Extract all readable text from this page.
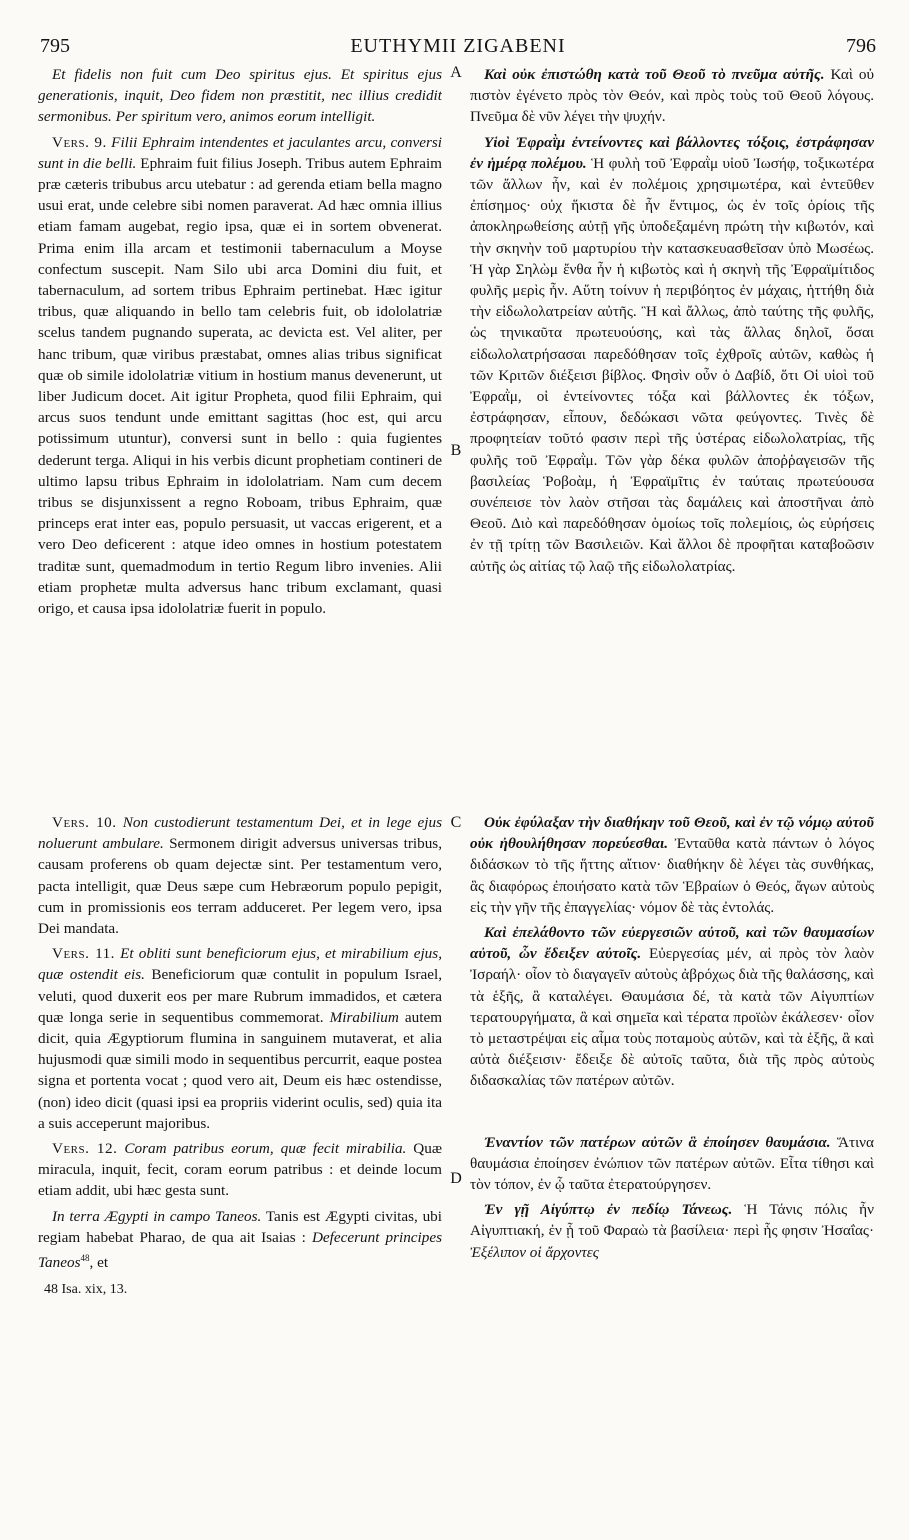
795	EUTHYMII ZIGABENI	796
A
B
C
D

Et fidelis non fuit cum Deo spiritus ejus. Et spiritus ejus generationis, inquit, Deo fidem non præstitit, nec illius credidit sermonibus. Per spiritum vero, animos eorum intelligit.

Vers. 9. Filii Ephraim intendentes et jaculantes arcu, conversi sunt in die belli. Ephraim fuit filius Joseph. Tribus autem Ephraim præ cæteris tribubus arcu utebatur : ad gerenda etiam bella magno usui erat, unde celebre sibi nomen paraverat. Ad hæc omnia illius etiam famam augebat, regio ipsa, quæ ei in sortem obvenerat. Prima enim illa arcam et testimonii tabernaculum a Moyse confectum suscepit. Nam Silo ubi arca Domini diu fuit, et tabernaculum, ad sortem tribus Ephraim pertinebat. Hæc igitur tribus, quæ aliquando in bello tam celebris fuit, ob idololatriæ scelus tandem pugnando superata, ac devicta est. Vel aliter, per hanc tribum, quæ viribus præstabat, omnes alias tribus significat quæ ob simile idololatriæ vitium in hostium manus devenerunt, ut liber Judicum docet. Ait igitur Propheta, quod filii Ephraim, qui arcus suos tendunt unde emittant sagittas (hoc est, qui arcu potissimum utuntur), conversi sunt in bello : quia fugientes dederunt terga. Aliqui in his verbis dicunt prophetiam contineri de ultimo lapsu tribus Ephraim in idololatriam. Nam cum decem tribus se disjunxissent a regno Roboam, tribus Ephraim, quæ princeps erat inter eas, populo persuasit, ut vaccas erigerent, et a vero Deo deficerent : atque ideo omnes in hostium potestatem traditæ sunt, quemadmodum in tertio Regum libro invenies. Alii etiam prophetæ multa adversus hanc tribum exclamant, quasi origo, et causa ipsa idololatriæ fuerit in populo.

Καὶ οὐκ ἐπιστώθη κατὰ τοῦ Θεοῦ τὸ πνεῦμα αὐτῆς. Καὶ οὐ πιστὸν ἐγένετο πρὸς τὸν Θεόν, καὶ πρὸς τοὺς τοῦ Θεοῦ λόγους. Πνεῦμα δὲ νῦν λέγει τὴν ψυχήν.

Υἱοὶ Ἐφραῒμ ἐντείνοντες καὶ βάλλοντες τόξοις, ἐστράφησαν ἐν ἡμέρᾳ πολέμου. Ἡ φυλὴ τοῦ Ἐφραῒμ υἱοῦ Ἰωσήφ, τοξικωτέρα τῶν ἄλλων ἦν, καὶ ἐν πολέμοις χρησιμωτέρα, καὶ ἐντεῦθεν ἐπίσημος· οὐχ ἥκιστα δὲ ἦν ἔντιμος, ὡς ἐν τοῖς ὁρίοις τῆς ἀποκληρωθείσης αὐτῇ γῆς ὑποδεξαμένη πρώτη τὴν κιβωτόν, καὶ τὴν σκηνὴν τοῦ μαρτυρίου τὴν κατασκευασθεῖσαν ὑπὸ Μωσέως. Ἡ γὰρ Σηλὼμ ἔνθα ἦν ἡ κιβωτὸς καὶ ἡ σκηνὴ τῆς Ἐφραϊμίτιδος φυλῆς μερὶς ἦν. Αὕτη τοίνυν ἡ περιβόητος ἐν μάχαις, ἡττήθη διὰ τὴν εἰδωλολατρείαν αὐτῆς. Ἢ καὶ ἄλλως, ἀπὸ ταύτης τῆς φυλῆς, ὡς τηνικαῦτα πρωτευούσης, καὶ τὰς ἄλλας δηλοῖ, ὅσαι εἰδωλολατρήσασαι παρεδόθησαν τοῖς ἐχθροῖς αὐτῶν, καθὼς ἡ τῶν Κριτῶν διέξεισι βίβλος. Φησὶν οὖν ὁ Δαβίδ, ὅτι Οἱ υἱοὶ τοῦ Ἐφραῒμ, οἱ ἐντείνοντες τόξα καὶ βάλλοντες ἐκ τόξων, ἐστράφησαν, εἶπουν, δεδώκασι νῶτα φεύγοντες. Τινὲς δὲ προφητείαν τοῦτό φασιν περὶ τῆς ὑστέρας εἰδωλολατρίας, τῆς φυλῆς τοῦ Ἐφραῒμ. Τῶν γὰρ δέκα φυλῶν ἀποῤῥαγεισῶν τῆς βασιλείας Ῥοβοὰμ, ἡ Ἐφραϊμῖτις ἐν ταύταις πρωτεύουσα συνέπεισε τὸν λαὸν στῆσαι τὰς δαμάλεις καὶ ἀποστῆναι ἀπὸ Θεοῦ. Διὸ καὶ παρεδόθησαν ὁμοίως τοῖς πολεμίοις, ὡς εὑρήσεις ἐν τῇ τρίτῃ τῶν Βασιλειῶν. Καὶ ἄλλοι δὲ προφῆται καταβοῶσιν αὐτῆς ὡς αἰτίας τῷ λαῷ τῆς εἰδωλολατρίας.

Vers. 10. Non custodierunt testamentum Dei, et in lege ejus noluerunt ambulare. Sermonem dirigit adversus universas tribus, causam proferens ob quam dejectæ sint. Per testamentum vero, pacta intelligit, quæ Deus sæpe cum Hebræorum populo pepigit, cum in promissionis eos terram adduceret. Per legem vero, ipsa Dei mandata.

Vers. 11. Et obliti sunt beneficiorum ejus, et mirabilium ejus, quæ ostendit eis. Beneficiorum quæ contulit in populum Israel, veluti, quod duxerit eos per mare Rubrum immadidos, et cætera quæ longa serie in sequentibus commemorat. Mirabilium autem dicit, quia Ægyptiorum flumina in sanguinem mutaverat, et alia hujusmodi quæ simili modo in sequentibus percurrit, eaque postea signa et portenta vocat ; quod vero ait, Deum eis hæc ostendisse, (non) ideo dicit (quasi ipsi ea propriis viderint oculis, sed) quia ita a suis acceperunt majoribus.

Vers. 12. Coram patribus eorum, quæ fecit mirabilia. Quæ miracula, inquit, fecit, coram eorum patribus : et deinde locum etiam addit, ubi hæc gesta sunt.

In terra Ægypti in campo Taneos. Tanis est Ægypti civitas, ubi regiam habebat Pharao, de qua ait Isaias : Defecerunt principes Taneos$^{48}$, et

48 Isa. xix, 13.

Οὐκ ἐφύλαξαν τὴν διαθήκην τοῦ Θεοῦ, καὶ ἐν τῷ νόμῳ αὐτοῦ οὐκ ἠθουλήθησαν πορεύεσθαι. Ἐνταῦθα κατὰ πάντων ὁ λόγος διδάσκων τὸ τῆς ἥττης αἴτιον· διαθήκην δὲ λέγει τὰς συνθήκας, ἃς διαφόρως ἐποιήσατο κατὰ τῶν Ἑβραίων ὁ Θεός, ἄγων αὐτοὺς εἰς τὴν γῆν τῆς ἐπαγγελίας· νόμον δὲ τὰς ἐντολάς.

Καὶ ἐπελάθοντο τῶν εὐεργεσιῶν αὐτοῦ, καὶ τῶν θαυμασίων αὐτοῦ, ὧν ἔδειξεν αὐτοῖς. Εὐεργεσίας μέν, αἱ πρὸς τὸν λαὸν Ἰσραήλ· οἷον τὸ διαγαγεῖν αὐτοὺς ἀβρόχως διὰ τῆς θαλάσσης, καὶ τὰ ἑξῆς, ἃ καταλέγει. Θαυμάσια δέ, τὰ κατὰ τῶν Αἰγυπτίων τερατουργήματα, ἃ καὶ σημεῖα καὶ τέρατα προϊὼν ἐκάλεσεν· οἷον τὸ μεταστρέψαι εἰς αἷμα τοὺς ποταμοὺς αὐτῶν, καὶ τὰ ἑξῆς, ἃ καὶ αὐτὰ διέξεισιν· ἔδειξε δὲ αὐτοῖς ταῦτα, διὰ τῆς πρὸς αὐτοὺς διδασκαλίας τῶν πατέρων αὐτῶν.

Ἐναντίον τῶν πατέρων αὐτῶν ἃ ἐποίησεν θαυμάσια. Ἅτινα θαυμάσια ἐποίησεν ἐνώπιον τῶν πατέρων αὐτῶν. Εἶτα τίθησι καὶ τὸν τόπον, ἐν ᾧ ταῦτα ἐτερατούργησεν.

Ἐν γῇ Αἰγύπτῳ ἐν πεδίῳ Τάνεως. Ἡ Τάνις πόλις ἦν Αἰγυπτιακή, ἐν ᾗ τοῦ Φαραὼ τὰ βασίλεια· περὶ ἧς φησιν Ἠσαΐας· Ἐξέλιπον οἱ ἄρχοντες
